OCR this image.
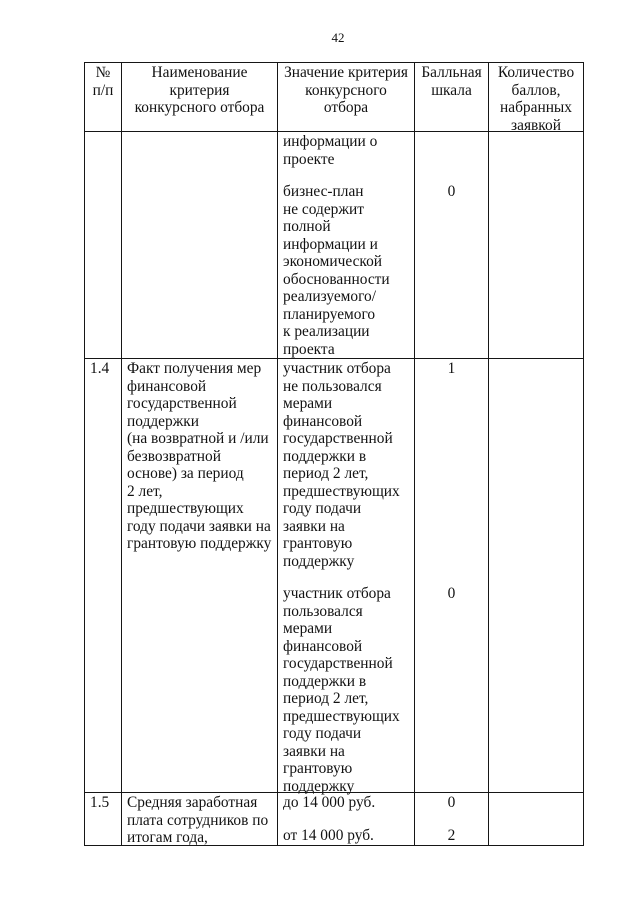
42
№
п/п
Наименование
критерия
конкурсного отбора
Значение критерия
конкурсного
отбора
Балльная
шкала
Количество
баллов,
набранных
заявкой
информации о
проекте
бизнес-план
не содержит
полной
информации и
экономической
обоснованности
реализуемого/
планируемого
к реализации
проекта
0
1.4	Факт получения мер
финансовой
государственной
поддержки
(на возвратной и /или
безвозвратной
основе) за период
2 лет,
предшествующих
году подачи заявки на
грантовую поддержку
участник отбора
не пользовался
мерами
финансовой
государственной
поддержки в
период 2 лет,
предшествующих
году подачи
заявки на
грантовую
поддержку
участник отбора
пользовался
мерами
финансовой
государственной
поддержки в
период 2 лет,
предшествующих
году подачи
заявки на
грантовую
поддержку
1
0
1.5	Средняя заработная
плата сотрудников по
итогам года,
до 14 000 руб.
от 14 000 руб.
0
2
